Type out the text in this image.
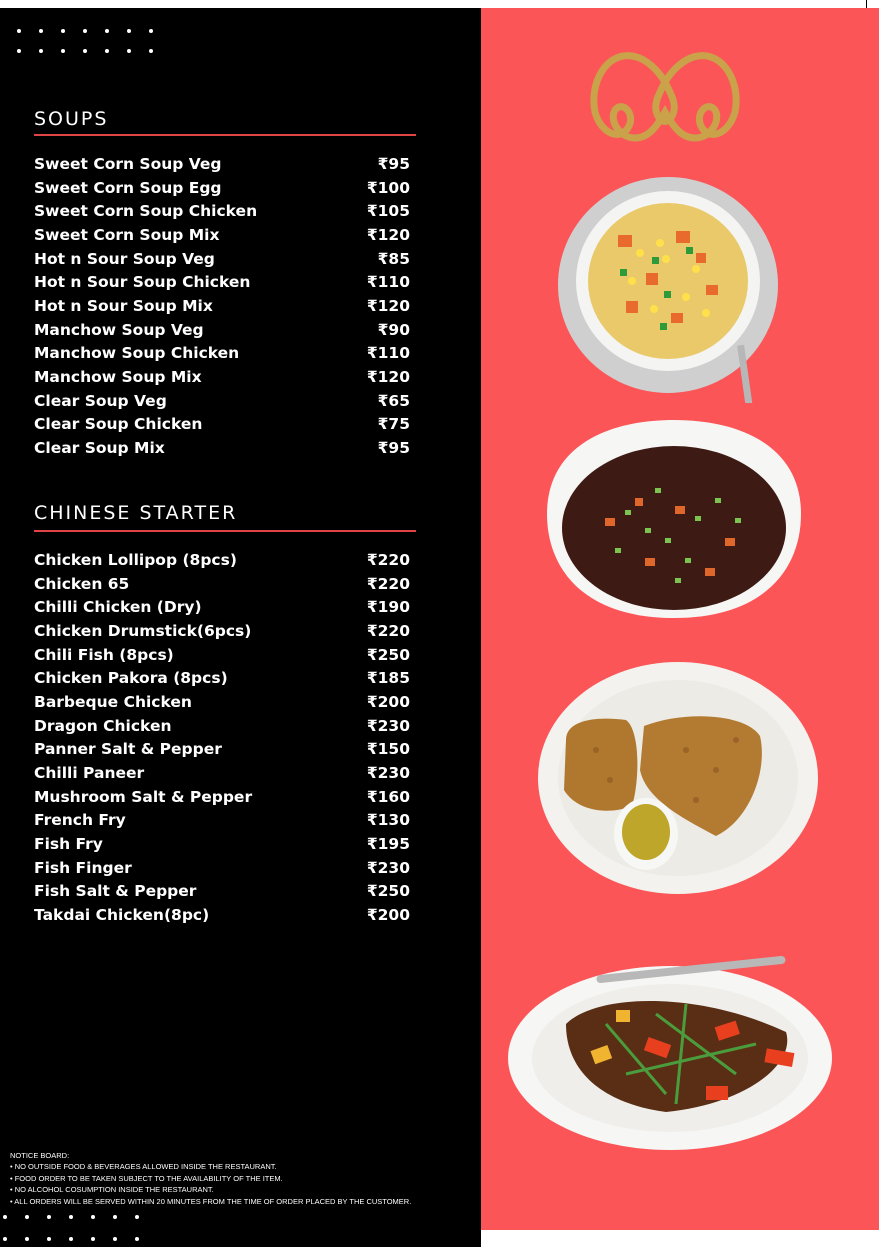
SOUPS
Sweet Corn Soup Veg	₹95
Sweet Corn Soup Egg	₹100
Sweet Corn Soup Chicken	₹105
Sweet Corn Soup Mix	₹120
Hot n Sour Soup Veg	₹85
Hot n Sour Soup Chicken	₹110
Hot n Sour Soup Mix	₹120
Manchow Soup Veg	₹90
Manchow Soup Chicken	₹110
Manchow Soup Mix	₹120
Clear Soup Veg	₹65
Clear Soup Chicken	₹75
Clear Soup Mix	₹95
CHINESE STARTER
Chicken Lollipop (8pcs)	₹220
Chicken 65	₹220
Chilli Chicken (Dry)	₹190
Chicken Drumstick(6pcs)	₹220
Chili Fish (8pcs)	₹250
Chicken Pakora (8pcs)	₹185
Barbeque Chicken	₹200
Dragon Chicken	₹230
Panner Salt & Pepper	₹150
Chilli Paneer	₹230
Mushroom Salt & Pepper	₹160
French Fry	₹130
Fish Fry	₹195
Fish Finger	₹230
Fish Salt & Pepper	₹250
Takdai Chicken(8pc)	₹200
NOTICE BOARD:
• NO OUTSIDE FOOD & BEVERAGES ALLOWED INSIDE THE RESTAURANT.
• FOOD ORDER TO BE TAKEN SUBJECT TO THE AVAILABILITY OF THE ITEM.
• NO ALCOHOL COSUMPTION INSIDE THE RESTAURANT.
• ALL ORDERS WILL BE SERVED WITHIN 20 MINUTES FROM THE TIME OF ORDER PLACED BY THE CUSTOMER.
